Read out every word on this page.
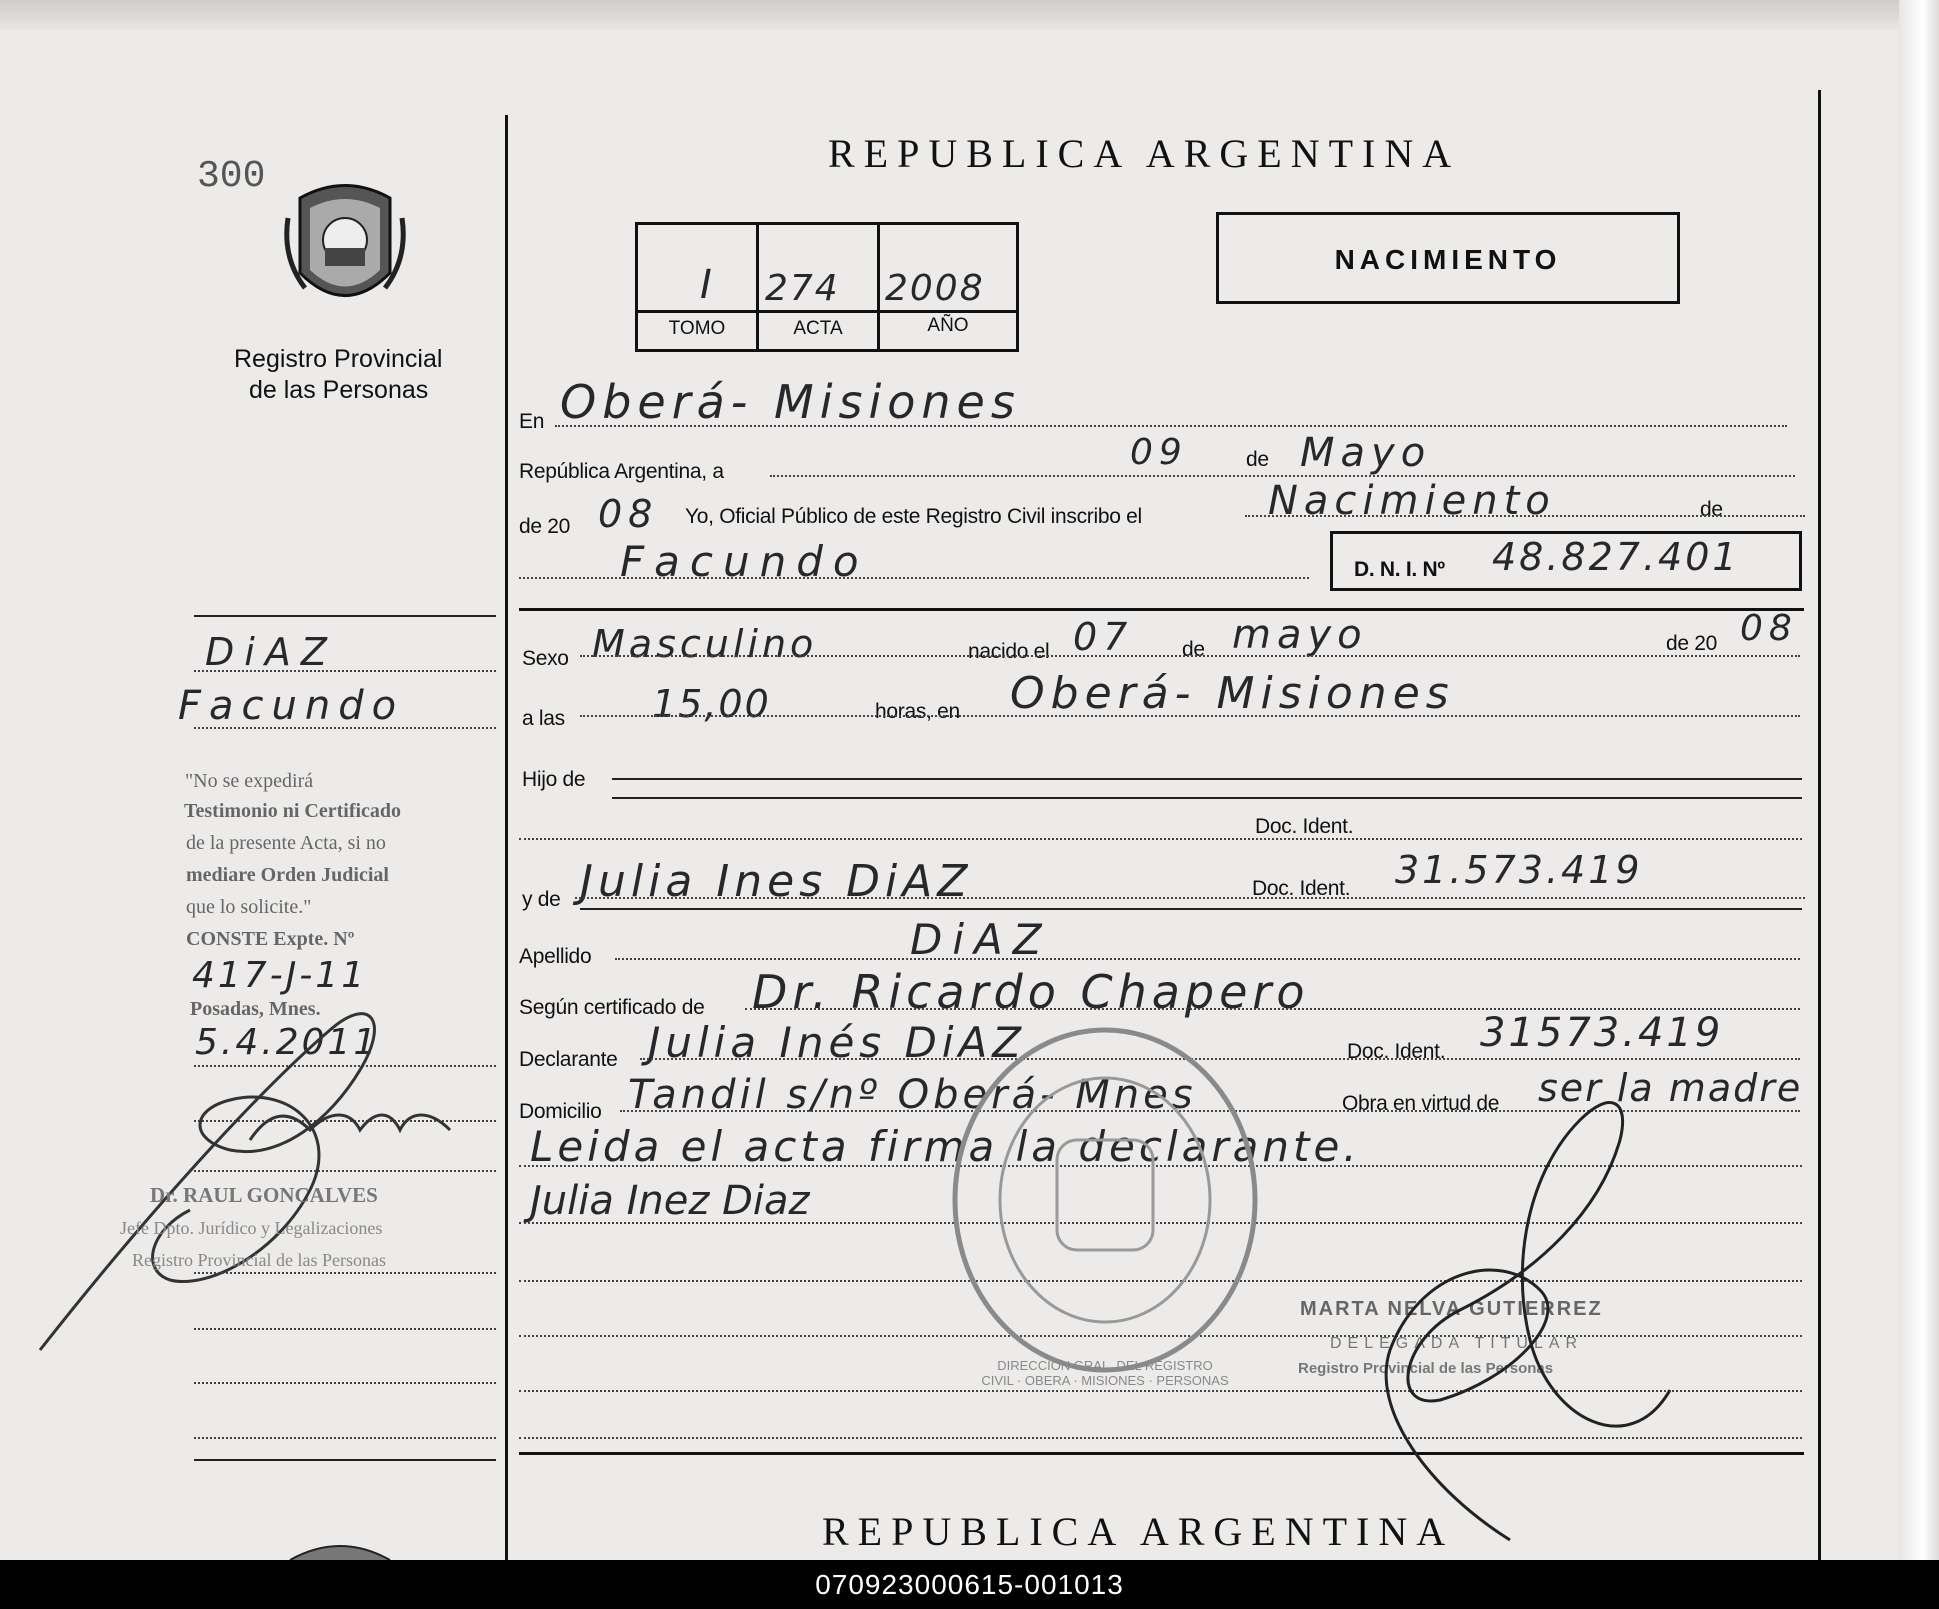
300
Registro Provincial
de las Personas
REPUBLICA ARGENTINA
I 274 2008
TOMO	ACTA	AÑO
NACIMIENTO
En Oberá- Misiones
República Argentina, a	09	de Mayo
de 20 08 Yo, Oficial Público de este Registro Civil inscribo el	Nacimiento	de
Facundo	D. N. I. Nº 48.827.401
Sexo Masculino	nacido el 07 de mayo	de 20 08
a las 15,00	horas, en Oberá- Misiones
Hijo de
Doc. Ident.
y de Julia Ines DiAZ	Doc. Ident. 31.573.419
Apellido	DiAZ
Según certificado de Dr. Ricardo Chapero
Declarante Julia Inés DiAZ	Doc. Ident. 31573.419
Domicilio Tandil s/nº Oberá- Mnes	Obra en virtud de ser la madre
Leida el acta firma la declarante.
Julia Inez Diaz
DIRECCION GRAL. DEL REGISTRO CIVIL · OBERA · MISIONES · PERSONAS
MARTA NELVA GUTIERREZ
DELEGADA TITULAR
Registro Provincial de las Personas
DiAZ
Facundo
"No se expedirá
Testimonio ni Certificado
de la presente Acta, si no
mediare Orden Judicial
que lo solicite."
CONSTE Expte. Nº
417-J-11
Posadas, Mnes.
5.4.2011
Dr. RAUL GONCALVES
Jefe Dpto. Jurídico y Legalizaciones
Registro Provincial de las Personas
REPUBLICA ARGENTINA
070923000615-001013
